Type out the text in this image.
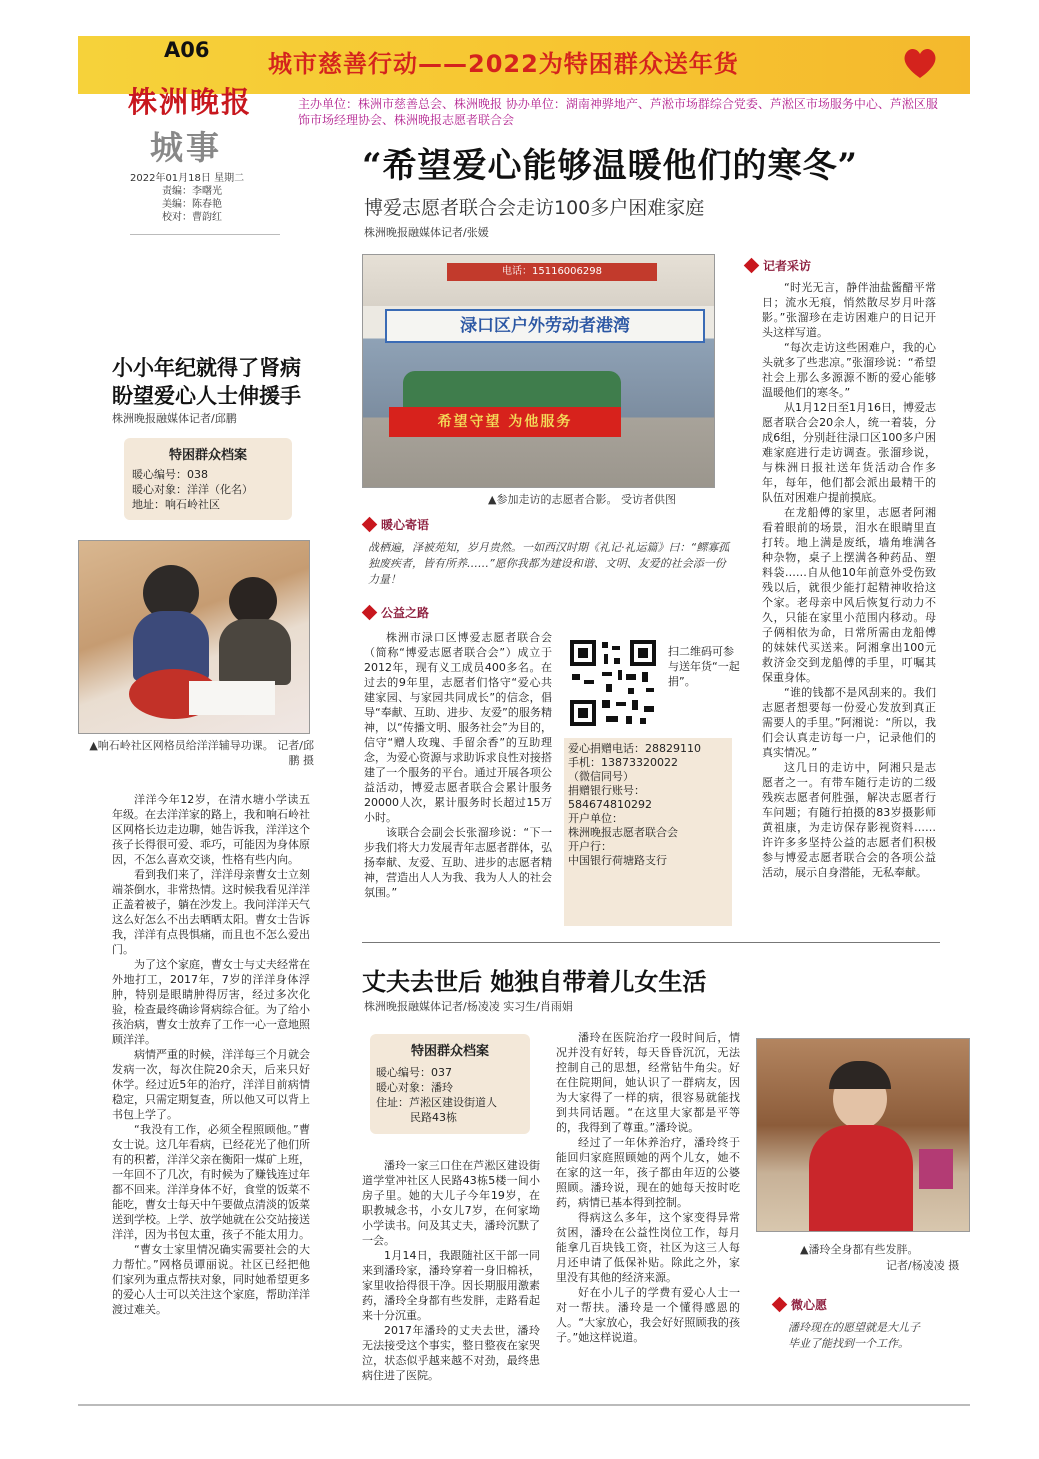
A06 城市慈善行动——2022为特困群众送年货
株洲晚报
城事
主办单位：株洲市慈善总会、株洲晚报 协办单位：湖南神骅地产、芦淞市场群综合党委、芦淞区市场服务中心、芦淞区服饰市场经理协会、株洲晚报志愿者联合会
2022年01月18日 星期二
责编：李曙光
美编：陈春艳
校对：曹韵红
“希望爱心能够温暖他们的寒冬”
博爱志愿者联合会走访100多户困难家庭
株洲晚报融媒体记者/张媛
电话：15116006298
渌口区户外劳动者港湾
希望守望 为他服务
▲参加走访的志愿者合影。 受访者供图
暖心寄语
战栖遍，泽被苑知，岁月贵然。一如西汉时期《礼记·礼运篇》曰：“鳏寡孤独废疾者，皆有所养……”愿你我都为建设和谐、文明、友爱的社会添一份力量！
公益之路

株洲市渌口区博爱志愿者联合会（简称“博爱志愿者联合会”）成立于2012年，现有义工成员400多名。在过去的9年里，志愿者们恪守“爱心共建家园、与家园共同成长”的信念，倡导“奉献、互助、进步、友爱”的服务精神，以“传播文明、服务社会”为目的，信守“赠人玫瑰、手留余香”的互助理念，为爱心资源与求助诉求良性对接搭建了一个服务的平台。通过开展各项公益活动，博爱志愿者联合会累计服务20000人次，累计服务时长超过15万小时。

该联合会副会长张溜珍说：“下一步我们将大力发展青年志愿者群体，弘扬奉献、友爱、互助、进步的志愿者精神，营造出人人为我、我为人人的社会氛围。”

扫二维码可参与送年货“一起捐”。
爱心捐赠电话：28829110
手机：13873320022
（微信同号）
捐赠银行账号：
584674810292
开户单位：
株洲晚报志愿者联合会
开户行：
中国银行荷塘路支行
记者采访

“时光无言，静伴油盐酱醋平常日；流水无痕，悄然散尽岁月叶落影。”张溜珍在走访困难户的日记开头这样写道。

“每次走访这些困难户，我的心头就多了些悲凉。”张溜珍说：“希望社会上那么多源源不断的爱心能够温暖他们的寒冬。”

从1月12日至1月16日，博爱志愿者联合会20余人，统一着装，分成6组，分别赶往渌口区100多户困难家庭进行走访调查。张溜珍说，与株洲日报社送年货活动合作多年，每年，他们都会派出最精干的队伍对困难户提前摸底。

在龙船傅的家里，志愿者阿湘看着眼前的场景，泪水在眼睛里直打转。地上满是废纸，墙角堆满各种杂物，桌子上摆满各种药品、塑料袋……自从他10年前意外受伤致残以后，就很少能打起精神收拾这个家。老母亲中风后恢复行动力不久，只能在家里小范围内移动。母子俩相依为命，日常所需由龙船傅的妹妹代买送来。阿湘拿出100元救济金交到龙船傅的手里，叮嘱其保重身体。

“谁的钱都不是风刮来的。我们志愿者想要每一份爱心发放到真正需要人的手里。”阿湘说：“所以，我们会认真走访每一户，记录他们的真实情况。”

这几日的走访中，阿湘只是志愿者之一。有带车随行走访的二级残疾志愿者何胜强，解决志愿者行车问题；有随行拍摄的83岁摄影师黄祖康，为走访保存影视资料……许许多多坚持公益的志愿者们积极参与博爱志愿者联合会的各项公益活动，展示自身潜能，无私奉献。

小小年纪就得了肾病
盼望爱心人士伸援手
株洲晚报融媒体记者/邱鹏
特困群众档案
暖心编号：038
暖心对象：洋洋（化名）
地址：响石岭社区
▲响石岭社区网格员给洋洋辅导功课。 记者/邱鹏 摄

洋洋今年12岁，在清水塘小学读五年级。在去洋洋家的路上，我和响石岭社区网格长边走边聊，她告诉我，洋洋这个孩子长得很可爱、乖巧，可能因为身体原因，不怎么喜欢交谈，性格有些内向。

看到我们来了，洋洋母亲曹女士立刻端茶倒水，非常热情。这时候我看见洋洋正盖着被子，躺在沙发上。我问洋洋天气这么好怎么不出去晒晒太阳。曹女士告诉我，洋洋有点畏惧痛，而且也不怎么爱出门。

为了这个家庭，曹女士与丈夫经常在外地打工，2017年，7岁的洋洋身体浮肿，特别是眼睛肿得厉害，经过多次化验，检查最终确诊肾病综合征。为了给小孩治病，曹女士放弃了工作一心一意地照顾洋洋。

病情严重的时候，洋洋每三个月就会发病一次，每次住院20余天，后来只好休学。经过近5年的治疗，洋洋目前病情稳定，只需定期复查，所以他又可以背上书包上学了。

“我没有工作，必须全程照顾他。”曹女士说。这几年看病，已经花光了他们所有的积蓄，洋洋父亲在衡阳一煤矿上班，一年回不了几次，有时候为了赚钱连过年都不回来。洋洋身体不好，食堂的饭菜不能吃，曹女士每天中午要做点清淡的饭菜送到学校。上学、放学她就在公交站接送洋洋，因为书包太重，孩子不能太用力。

“曹女士家里情况确实需要社会的大力帮忙。”网格员谭丽说。社区已经把他们家列为重点帮扶对象，同时她希望更多的爱心人士可以关注这个家庭，帮助洋洋渡过难关。

丈夫去世后 她独自带着儿女生活
株洲晚报融媒体记者/杨凌凌 实习生/肖雨娟
特困群众档案
暖心编号：037
暖心对象：潘玲
住址：芦淞区建设街道人
民路43栋

潘玲一家三口住在芦淞区建设街道学堂冲社区人民路43栋5楼一间小房子里。她的大儿子今年19岁，在职教城念书，小女儿7岁，在何家坳小学读书。问及其丈夫，潘玲沉默了一会。

1月14日，我跟随社区干部一同来到潘玲家，潘玲穿着一身旧棉袄，家里收拾得很干净。因长期服用激素药，潘玲全身都有些发胖，走路看起来十分沉重。

2017年潘玲的丈夫去世，潘玲无法接受这个事实，整日整夜在家哭泣，状态似乎越来越不对劲，最终患病住进了医院。

潘玲在医院治疗一段时间后，情况并没有好转，每天昏昏沉沉，无法控制自己的思想，经常钻牛角尖。好在住院期间，她认识了一群病友，因为大家得了一样的病，很容易就能找到共同话题。“在这里大家都是平等的，我得到了尊重。”潘玲说。

经过了一年休养治疗，潘玲终于能回归家庭照顾她的两个儿女，她不在家的这一年，孩子都由年迈的公婆照顾。潘玲说，现在的她每天按时吃药，病情已基本得到控制。

得病这么多年，这个家变得异常贫困，潘玲在公益性岗位工作，每月能拿几百块钱工资，社区为这三人每月还申请了低保补贴。除此之外，家里没有其他的经济来源。

好在小儿子的学费有爱心人士一对一帮扶。潘玲是一个懂得感恩的人。“大家放心，我会好好照顾我的孩子。”她这样说道。

▲潘玲全身都有些发胖。
记者/杨凌凌 摄
微心愿
潘玲现在的愿望就是大儿子毕业了能找到一个工作。
